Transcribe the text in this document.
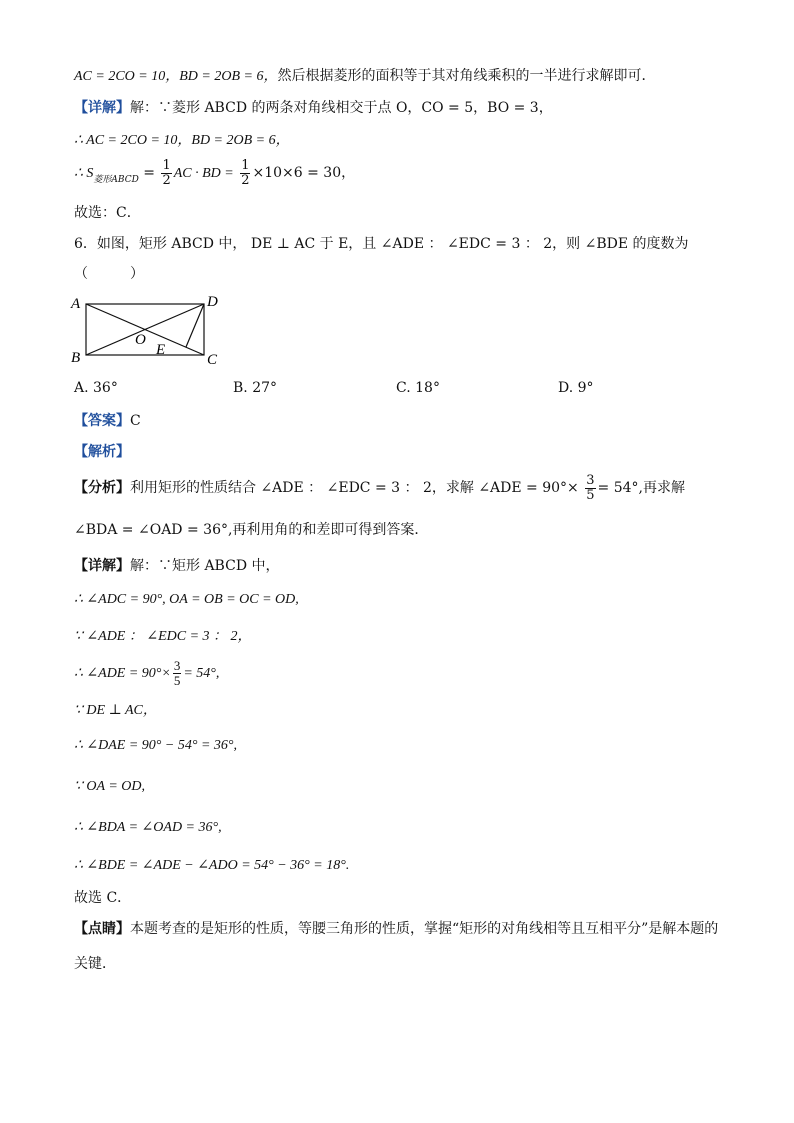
AC = 2CO = 10，BD = 2OB = 6，然后根据菱形的面积等于其对角线乘积的一半进行求解即可．
【详解】解：∵菱形 ABCD 的两条对角线相交于点 O，CO = 5，BO = 3，
∴ AC = 2CO = 10，BD = 2OB = 6，
∴ $S_{菱形ABCD} = \frac{1}{2}$ AC · BD = $\frac{1}{2} \times 10\times 6 = 30$，
故选：C．
6．如图，矩形 ABCD 中， DE ⊥ AC 于 E，且 ∠ADE ： ∠EDC = 3 ： 2，则 ∠BDE 的度数为
（　　　）
A
B	C
D
O
E
A. 36°	B. 27°	C. 18°	D. 9°
【答案】C
【解析】
【分析】利用矩形的性质结合 ∠ADE ： ∠EDC = 3 ： 2，求解 ∠ADE = $90^\circ\times \frac{3}{5} = 54^\circ$,再求解
∠BDA = ∠OAD = 36°,再利用角的和差即可得到答案．
【详解】解：∵矩形 ABCD 中，
∴ ∠ADC = 90°, OA = OB = OC = OD,
∵ ∠ADE ： ∠EDC = 3 ： 2，
∴ ∠ADE = $90^\circ\times \frac{3}{5} = 54^\circ$,
∵ DE ⊥ AC，
∴ ∠DAE = 90° − 54° = 36°,
∵ OA = OD,
∴ ∠BDA = ∠OAD = 36°,
∴ ∠BDE = ∠ADE − ∠ADO = 54° − 36° = 18°.
故选 C．
【点睛】本题考查的是矩形的性质，等腰三角形的性质，掌握“矩形的对角线相等且互相平分”是解本题的
关键．
